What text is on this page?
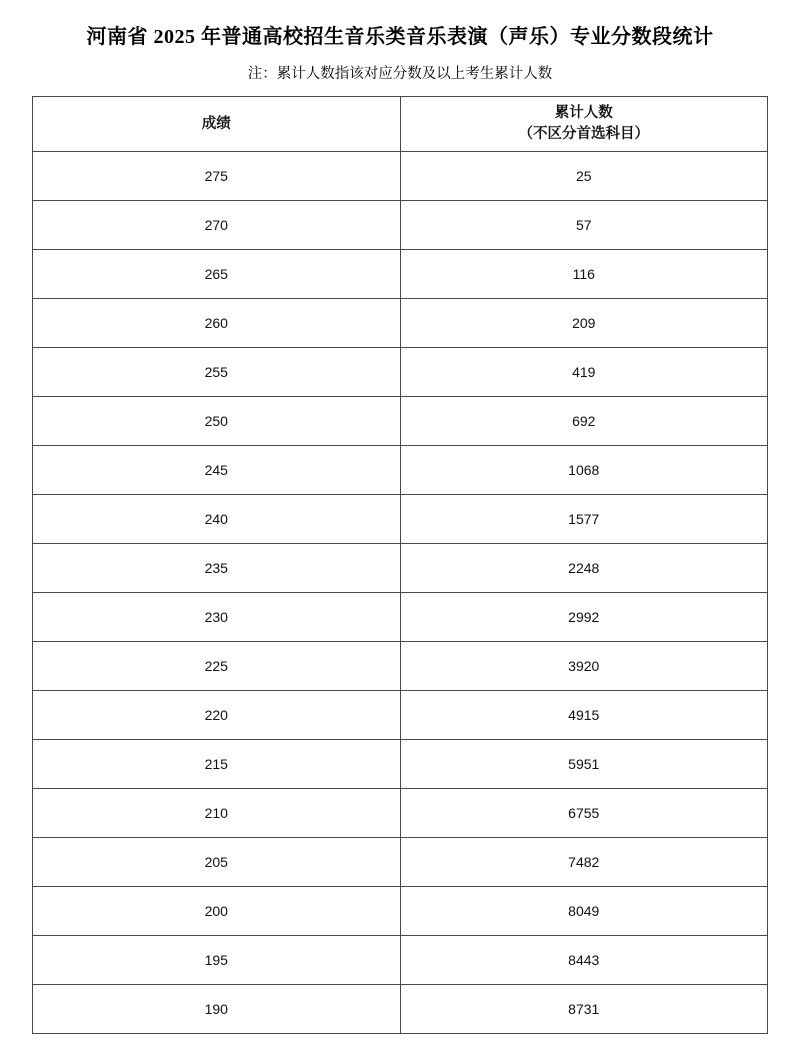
河南省 2025 年普通高校招生音乐类音乐表演（声乐）专业分数段统计
注：累计人数指该对应分数及以上考生累计人数
成绩	累计人数
（不区分首选科目）

275	25
270	57
265	116
260	209
255	419
250	692
245	1068
240	1577
235	2248
230	2992
225	3920
220	4915
215	5951
210	6755
205	7482
200	8049
195	8443
190	8731
